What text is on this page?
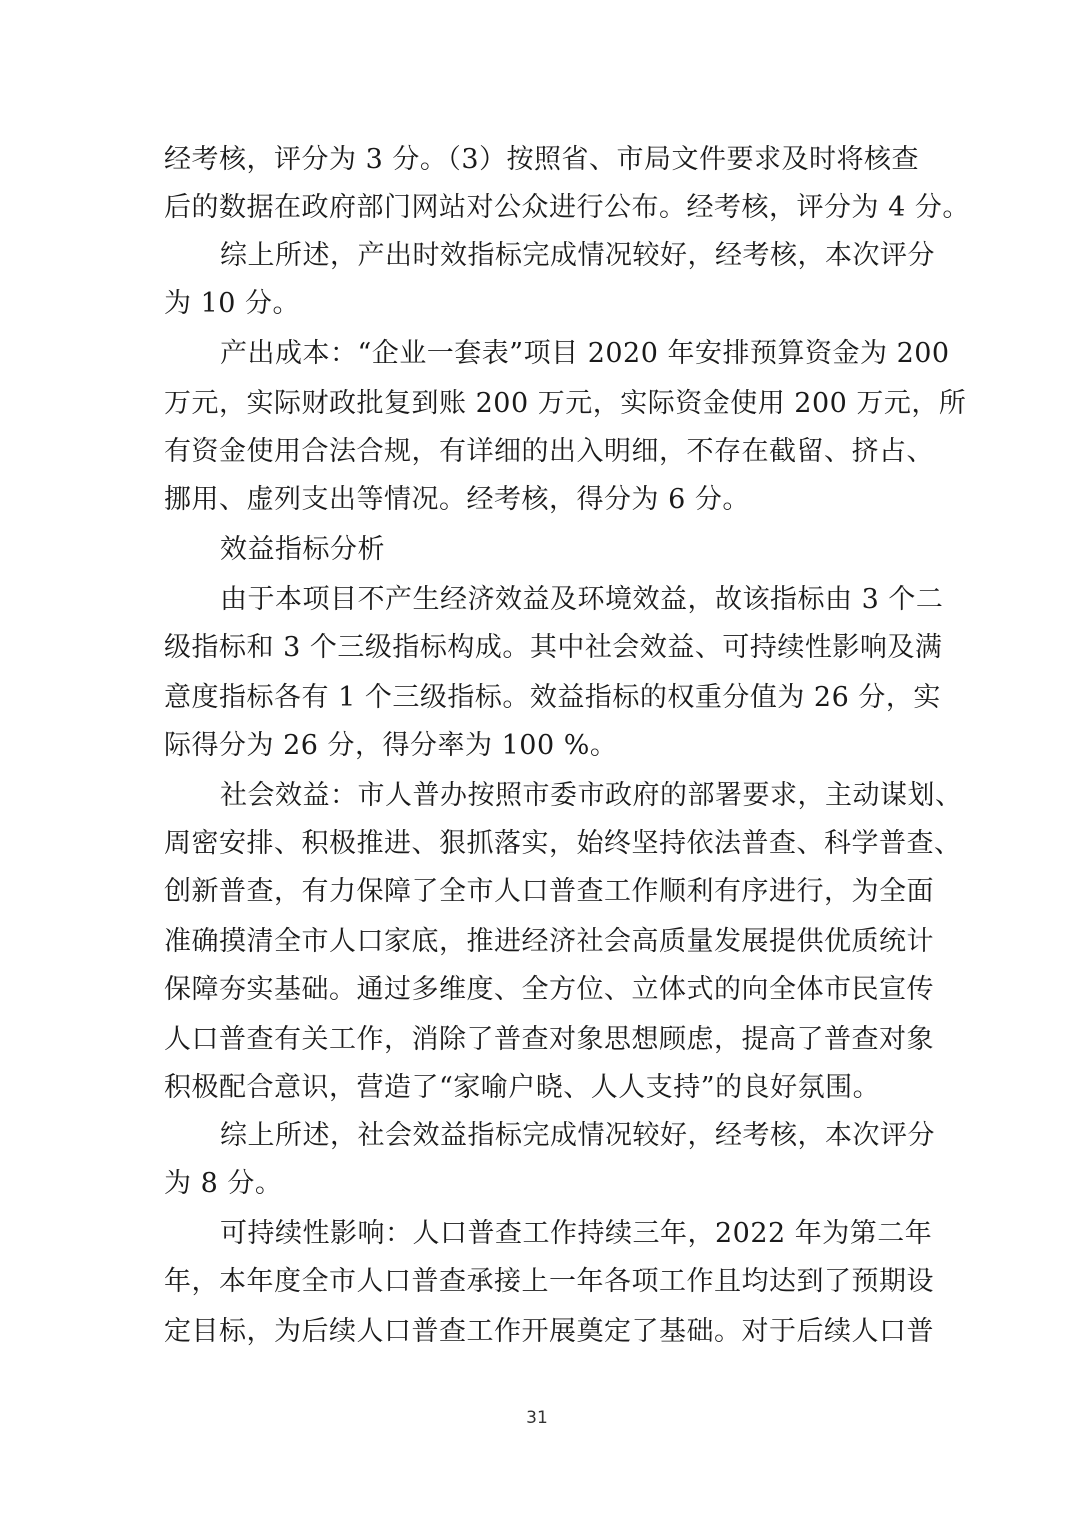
经考核，评分为 3 分。（3）按照省、市局文件要求及时将核查
后的数据在政府部门网站对公众进行公布。经考核，评分为 4 分。
综上所述，产出时效指标完成情况较好，经考核，本次评分
为 10 分。
产出成本：“企业一套表”项目 2020 年安排预算资金为 200
万元，实际财政批复到账 200 万元，实际资金使用 200 万元，所
有资金使用合法合规，有详细的出入明细，不存在截留、挤占、
挪用、虚列支出等情况。经考核，得分为 6 分。
效益指标分析
由于本项目不产生经济效益及环境效益，故该指标由 3 个二
级指标和 3 个三级指标构成。其中社会效益、可持续性影响及满
意度指标各有 1 个三级指标。效益指标的权重分值为 26 分，实
际得分为 26 分，得分率为 100 %。
社会效益：市人普办按照市委市政府的部署要求，主动谋划、
周密安排、积极推进、狠抓落实，始终坚持依法普查、科学普查、
创新普查，有力保障了全市人口普查工作顺利有序进行，为全面
准确摸清全市人口家底，推进经济社会高质量发展提供优质统计
保障夯实基础。通过多维度、全方位、立体式的向全体市民宣传
人口普查有关工作，消除了普查对象思想顾虑，提高了普查对象
积极配合意识，营造了“家喻户晓、人人支持”的良好氛围。
综上所述，社会效益指标完成情况较好，经考核，本次评分
为 8 分。
可持续性影响：人口普查工作持续三年，2022 年为第二年
年，本年度全市人口普查承接上一年各项工作且均达到了预期设
定目标，为后续人口普查工作开展奠定了基础。对于后续人口普
31
